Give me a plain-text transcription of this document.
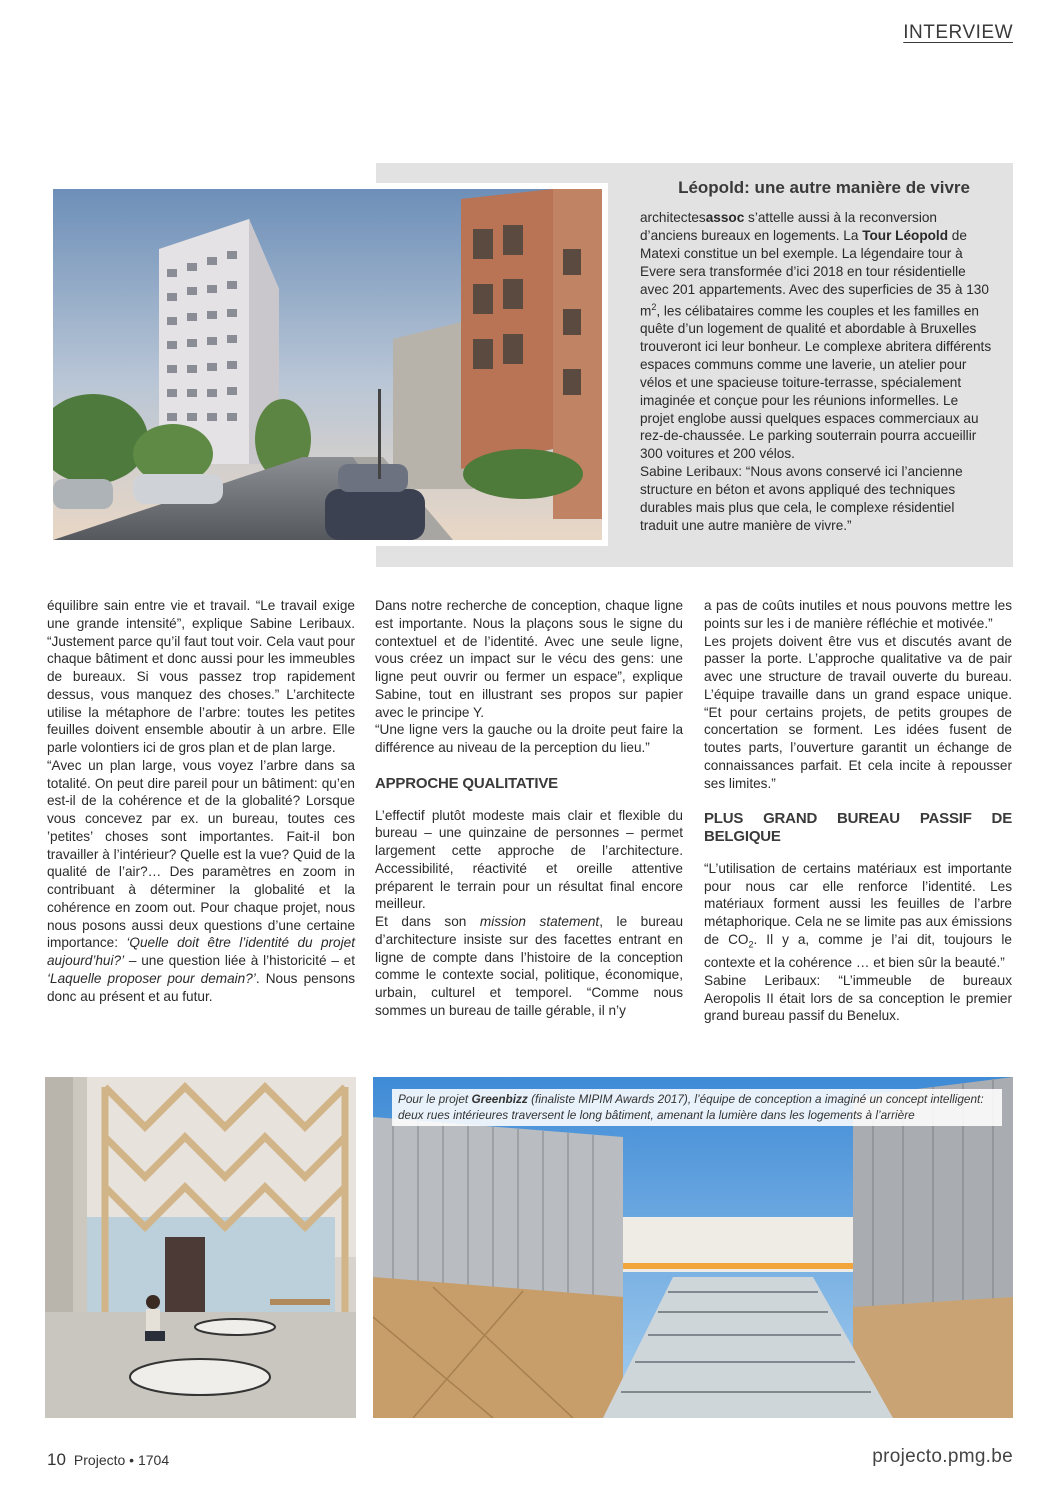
INTERVIEW
Léopold: une autre manière de vivre

architectesassoc s’attelle aussi à la reconversion d’anciens bureaux en logements. La Tour Léopold de Matexi constitue un bel exemple. La légendaire tour à Evere sera transformée d’ici 2018 en tour résidentielle avec 201 appartements. Avec des superficies de 35 à 130 $m^2$, les célibataires comme les couples et les familles en quête d’un logement de qualité et abordable à Bruxelles trouveront ici leur bonheur. Le complexe abritera différents espaces communs comme une laverie, un atelier pour vélos et une spacieuse toiture-terrasse, spécialement imaginée et conçue pour les réunions informelles. Le projet englobe aussi quelques espaces commerciaux au rez-de-chaussée. Le parking souterrain pourra accueillir 300 voitures et 200 vélos.

Sabine Leribaux: “Nous avons conservé ici l’ancienne structure en béton et avons appliqué des techniques durables mais plus que cela, le complexe résidentiel traduit une autre manière de vivre.”

équilibre sain entre vie et travail. “Le travail exige une grande intensité”, explique Sabine Leribaux. “Justement parce qu’il faut tout voir. Cela vaut pour chaque bâtiment et donc aussi pour les immeubles de bureaux. Si vous passez trop rapidement dessus, vous manquez des choses.” L’architecte utilise la métaphore de l’arbre: toutes les petites feuilles doivent ensemble aboutir à un arbre. Elle parle volontiers ici de gros plan et de plan large.

“Avec un plan large, vous voyez l’arbre dans sa totalité. On peut dire pareil pour un bâtiment: qu’en est-il de la cohérence et de la globalité? Lorsque vous concevez par ex. un bureau, toutes ces ’petites’ choses sont importantes. Fait-il bon travailler à l’intérieur? Quelle est la vue? Quid de la qualité de l’air?… Des paramètres en zoom in contribuant à déterminer la globalité et la cohérence en zoom out. Pour chaque projet, nous nous posons aussi deux questions d’une certaine importance: ‘Quelle doit être l’identité du projet aujourd’hui?’ – une question liée à l’historicité – et ‘Laquelle proposer pour demain?’. Nous pensons donc au présent et au futur.

Dans notre recherche de conception, chaque ligne est importante. Nous la plaçons sous le signe du contextuel et de l’identité. Avec une seule ligne, vous créez un impact sur le vécu des gens: une ligne peut ouvrir ou fermer un espace”, explique Sabine, tout en illustrant ses propos sur papier avec le principe Y.

“Une ligne vers la gauche ou la droite peut faire la différence au niveau de la perception du lieu.”

APPROCHE QUALITATIVE

L’effectif plutôt modeste mais clair et flexible du bureau – une quinzaine de personnes – permet largement cette approche de l’architecture. Accessibilité, réactivité et oreille attentive préparent le terrain pour un résultat final encore meilleur.

Et dans son mission statement, le bureau d’architecture insiste sur des facettes entrant en ligne de compte dans l’histoire de la conception comme le contexte social, politique, économique, urbain, culturel et temporel. “Comme nous sommes un bureau de taille gérable, il n’y

a pas de coûts inutiles et nous pouvons mettre les points sur les i de manière réfléchie et motivée.”

Les projets doivent être vus et discutés avant de passer la porte. L’approche qualitative va de pair avec une structure de travail ouverte du bureau. L’équipe travaille dans un grand espace unique. “Et pour certains projets, de petits groupes de concertation se forment. Les idées fusent de toutes parts, l’ouverture garantit un échange de connaissances parfait. Et cela incite à repousser ses limites.”

PLUS GRAND BUREAU PASSIF DE BELGIQUE

“L’utilisation de certains matériaux est importante pour nous car elle renforce l’identité. Les matériaux forment aussi les feuilles de l’arbre métaphorique. Cela ne se limite pas aux émissions de $CO_2$. Il y a, comme je l’ai dit, toujours le contexte et la cohérence … et bien sûr la beauté.”

Sabine Leribaux: “L’immeuble de bureaux Aeropolis II était lors de sa conception le premier grand bureau passif du Benelux.

Pour le projet Greenbizz (finaliste MIPIM Awards 2017), l’équipe de conception a imaginé un concept intelligent: deux rues intérieures traversent le long bâtiment, amenant la lumière dans les logements à l’arrière
10 Projecto • 1704	projecto.pmg.be
